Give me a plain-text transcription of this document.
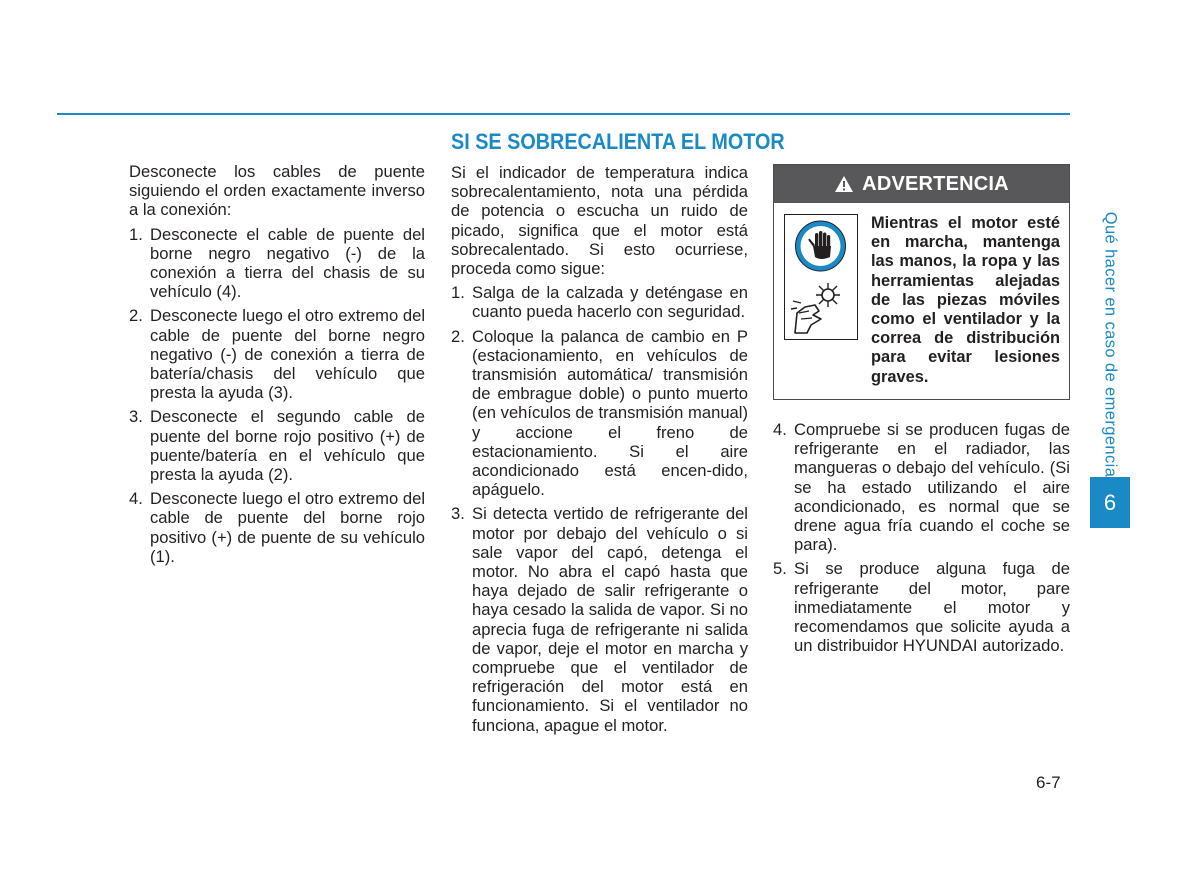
SI SE SOBRECALIENTA EL MOTOR

Desconecte los cables de puente siguiendo el orden exactamente inverso a la conexión:

1. Desconecte el cable de puente del borne negro negativo (-) de la conexión a tierra del chasis de su vehículo (4).
2. Desconecte luego el otro extremo del cable de puente del borne negro negativo (-) de conexión a tierra de batería/chasis del vehículo que presta la ayuda (3).
3. Desconecte el segundo cable de puente del borne rojo positivo (+) de puente/batería en el vehículo que presta la ayuda (2).
4. Desconecte luego el otro extremo del cable de puente del borne rojo positivo (+) de puente de su vehículo (1).

Si el indicador de temperatura indica sobrecalentamiento, nota una pérdida de potencia o escucha un ruido de picado, significa que el motor está sobrecalentado. Si esto ocurriese, proceda como sigue:

1. Salga de la calzada y deténgase en cuanto pueda hacerlo con seguridad.
2. Coloque la palanca de cambio en P (estacionamiento, en vehículos de transmisión automática/ transmisión de embrague doble) o punto muerto (en vehículos de transmisión manual) y accione el freno de estacionamiento. Si el aire acondicionado está encen-dido, apáguelo.
3. Si detecta vertido de refrigerante del motor por debajo del vehículo o si sale vapor del capó, detenga el motor. No abra el capó hasta que haya dejado de salir refrigerante o haya cesado la salida de vapor. Si no aprecia fuga de refrigerante ni salida de vapor, deje el motor en marcha y compruebe que el ventilador de refrigeración del motor está en funcionamiento. Si el ventilador no funciona, apague el motor.
ADVERTENCIA
Mientras el motor esté en marcha, mantenga las manos, la ropa y las herramientas alejadas de las piezas móviles como el ventilador y la correa de distribución para evitar lesiones graves.
4. Compruebe si se producen fugas de refrigerante en el radiador, las mangueras o debajo del vehículo. (Si se ha estado utilizando el aire acondicionado, es normal que se drene agua fría cuando el coche se para).
5. Si se produce alguna fuga de refrigerante del motor, pare inmediatamente el motor y recomendamos que solicite ayuda a un distribuidor HYUNDAI autorizado.
Qué hacer en caso de emergencia
6
6-7
